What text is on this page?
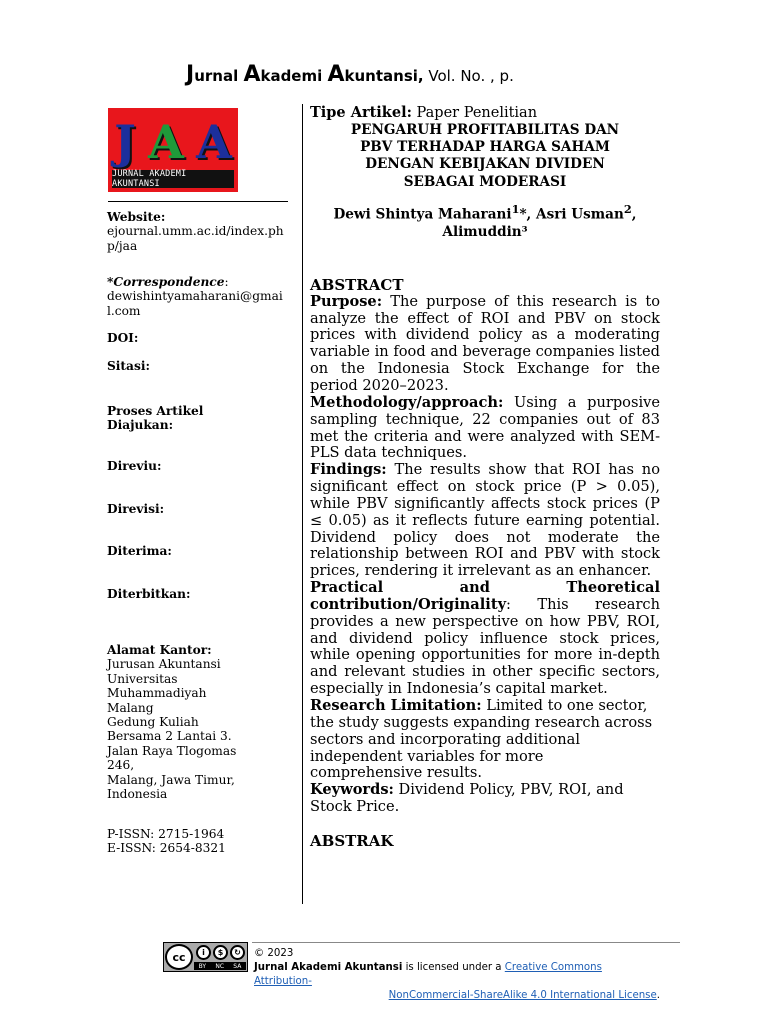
Jurnal Akademi Akuntansi, Vol. No. , p.
J A A
JURNAL AKADEMI AKUNTANSI
Website:
ejournal.umm.ac.id/index.ph p/jaa
*Correspondence:
dewishintyamaharani@gmai l.com
DOI:
Sitasi:
Proses Artikel Diajukan:
Direviu:
Direvisi:
Diterima:
Diterbitkan:
Alamat Kantor:
Jurusan Akuntansi
Universitas
Muhammadiyah
Malang
Gedung Kuliah
Bersama 2 Lantai 3.
Jalan Raya Tlogomas
246,
Malang, Jawa Timur,
Indonesia
P-ISSN: 2715-1964
E-ISSN: 2654-8321
Tipe Artikel: Paper Penelitian
PENGARUH PROFITABILITAS DAN
PBV TERHADAP HARGA SAHAM
DENGAN KEBIJAKAN DIVIDEN
SEBAGAI MODERASI
Dewi Shintya Maharani$^1$*, Asri Usman$^2$,
Alimuddin³
ABSTRACT

Purpose: The purpose of this research is to analyze the effect of ROI and PBV on stock prices with dividend policy as a moderating variable in food and beverage companies listed on the Indonesia Stock Exchange for the period 2020–2023.

Methodology/approach: Using a purposive sampling technique, 22 companies out of 83 met the criteria and were analyzed with SEM-PLS data techniques.

Findings: The results show that ROI has no significant effect on stock price (P > 0.05), while PBV significantly affects stock prices (P ≤ 0.05) as it reflects future earning potential. Dividend policy does not moderate the relationship between ROI and PBV with stock prices, rendering it irrelevant as an enhancer.

Practical and Theoretical contribution/Originality: This research provides a new perspective on how PBV, ROI, and dividend policy influence stock prices, while opening opportunities for more in-depth and relevant studies in other specific sectors, especially in Indonesia’s capital market.

Research Limitation: Limited to one sector, the study suggests expanding research across sectors and incorporating additional independent variables for more comprehensive results.

Keywords: Dividend Policy, PBV, ROI, and Stock Price.

ABSTRAK
cc	i	$	↻
BY NC SA
© 2023
Jurnal Akademi Akuntansi is licensed under a Creative Commons Attribution-
NonCommercial-ShareAlike 4.0 International License.
